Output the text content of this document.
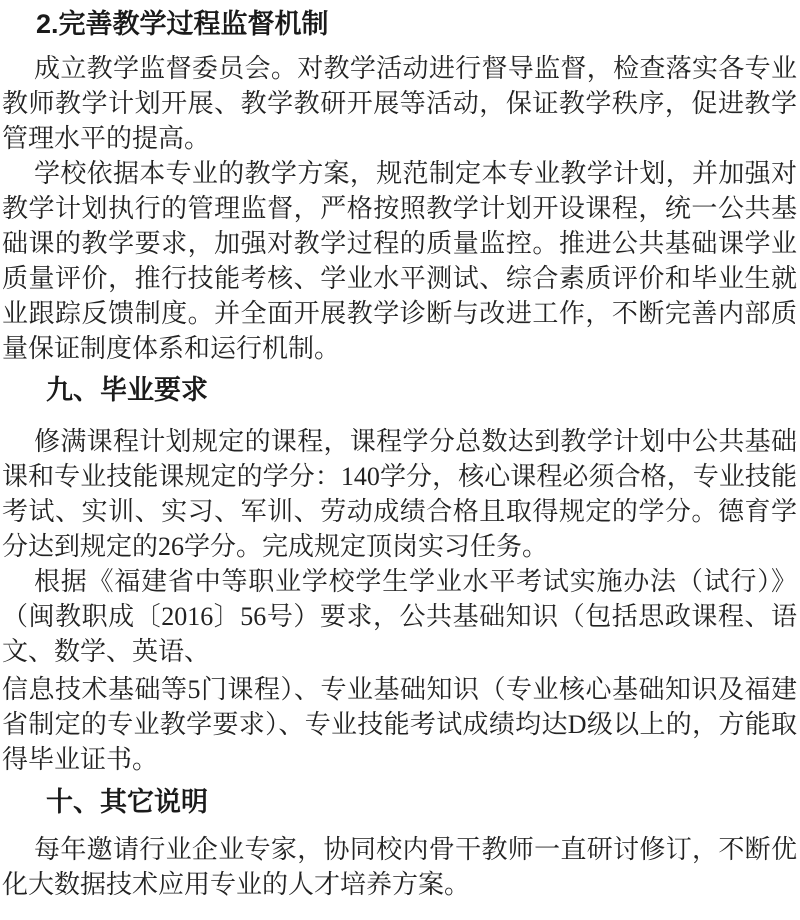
2.完善教学过程监督机制

成立教学监督委员会。对教学活动进行督导监督，检查落实各专业教师教学计划开展、教学教研开展等活动，保证教学秩序，促进教学管理水平的提高。

学校依据本专业的教学方案，规范制定本专业教学计划，并加强对教学计划执行的管理监督，严格按照教学计划开设课程，统一公共基础课的教学要求，加强对教学过程的质量监控。推进公共基础课学业质量评价，推行技能考核、学业水平测试、综合素质评价和毕业生就业跟踪反馈制度。并全面开展教学诊断与改进工作，不断完善内部质量保证制度体系和运行机制。

九、毕业要求

修满课程计划规定的课程，课程学分总数达到教学计划中公共基础课和专业技能课规定的学分：140学分，核心课程必须合格，专业技能考试、实训、实习、军训、劳动成绩合格且取得规定的学分。德育学分达到规定的26学分。完成规定顶岗实习任务。

根据《福建省中等职业学校学生学业水平考试实施办法（试行）》（闽教职成〔2016〕56号）要求，公共基础知识（包括思政课程、语文、数学、英语、

信息技术基础等5门课程）、专业基础知识（专业核心基础知识及福建省制定的专业教学要求）、专业技能考试成绩均达D级以上的，方能取得毕业证书。

十、其它说明

每年邀请行业企业专家，协同校内骨干教师一直研讨修订，不断优化大数据技术应用专业的人才培养方案。
